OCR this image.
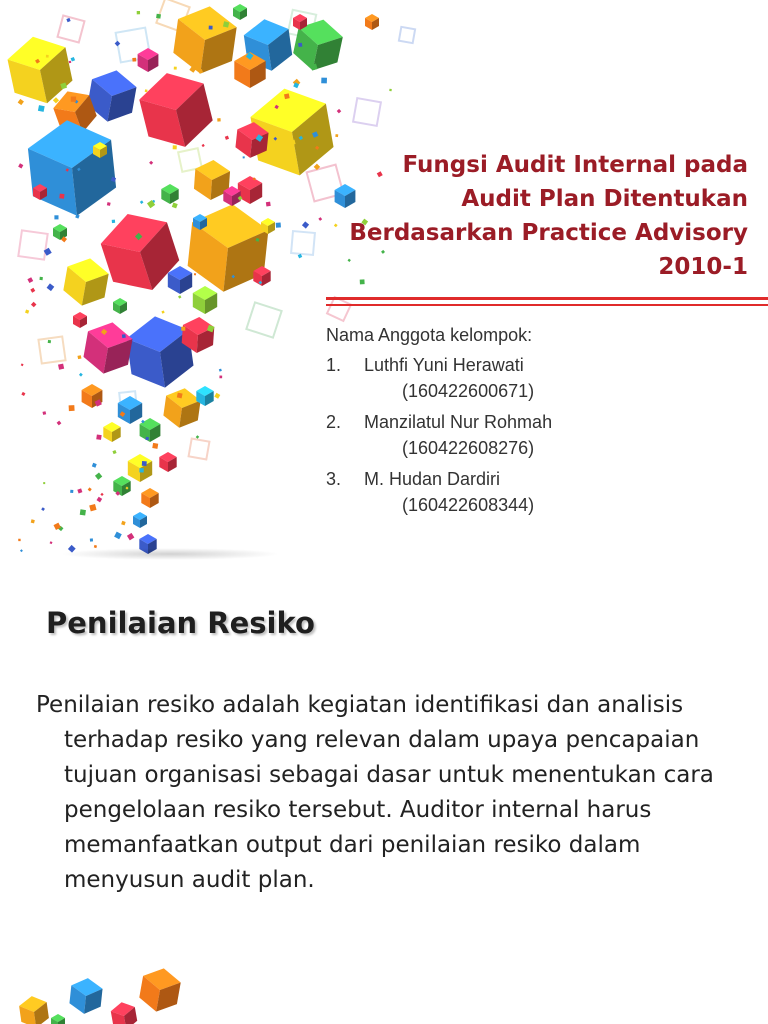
Fungsi Audit Internal pada Audit Plan Ditentukan Berdasarkan Practice Advisory 2010-1
Nama Anggota kelompok:
1. Luthfi Yuni Herawati
(160422600671)
2. Manzilatul Nur Rohmah
(160422608276)
3. M. Hudan Dardiri
(160422608344)
Penilaian Resiko

Penilaian resiko adalah kegiatan identifikasi dan analisis terhadap resiko yang relevan dalam upaya pencapaian tujuan organisasi sebagai dasar untuk menentukan cara pengelolaan resiko tersebut. Auditor internal harus memanfaatkan output dari penilaian resiko dalam menyusun audit plan.
